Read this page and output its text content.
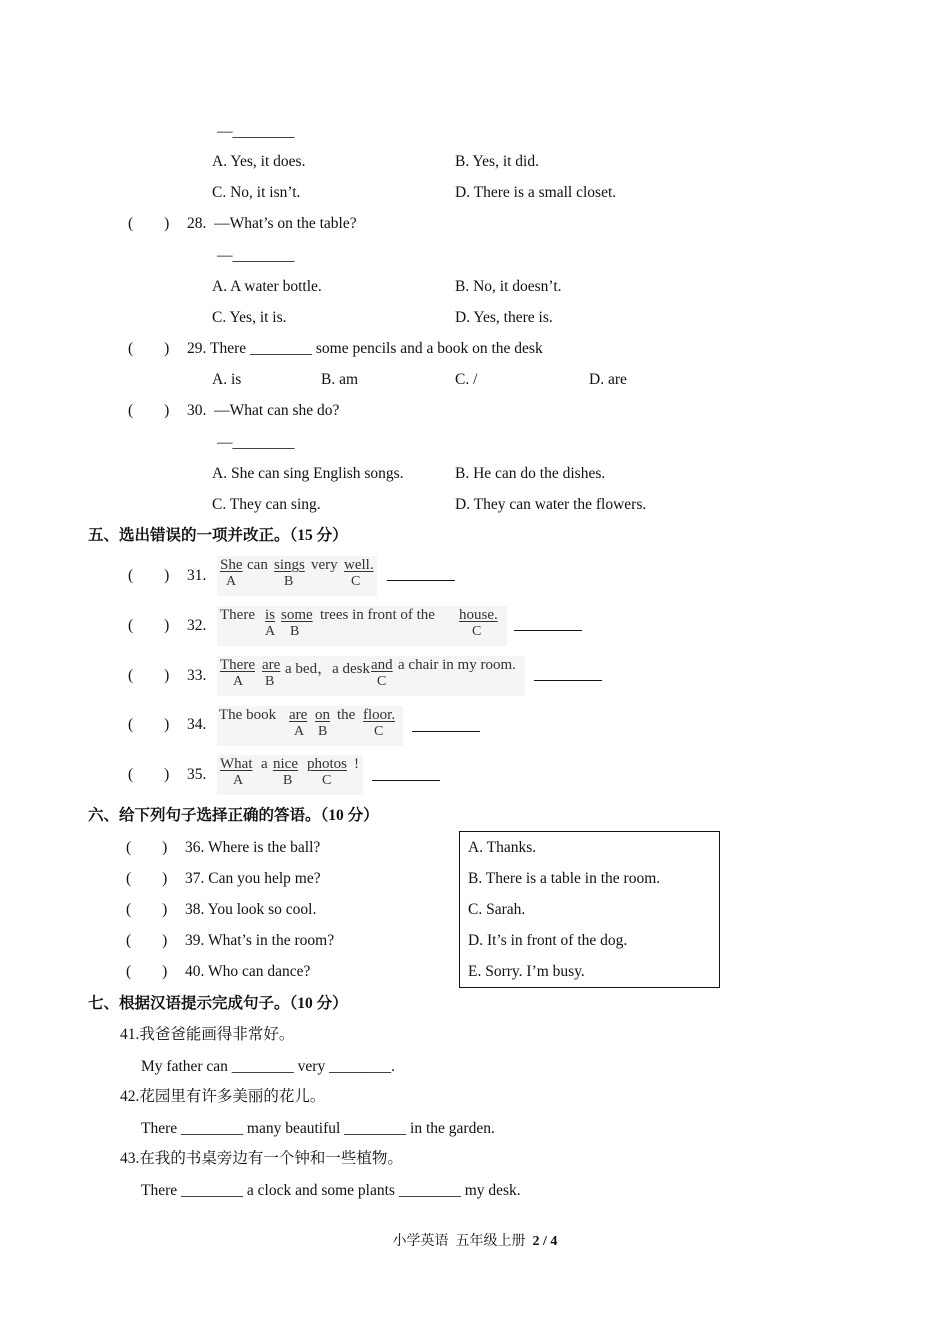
—________
A. Yes, it does.	B. Yes, it did.
C. No, it isn’t.	D. There is a small closet.
(        ) 28.  —What’s on the table?
—________
A. A water bottle.	B. No, it doesn’t.
C. Yes, it is.	D. Yes, there is.
(        ) 29. There ________ some pencils and a book on the desk
A. is	B. am	C. /	D. are
(        ) 30.  —What can she do?
—________
A. She can sing English songs.	B. He can do the dishes.
C. They can sing.	D. They can water the flowers.
五、选出错误的一项并改正。（15 分）
(        ) 31.
She can sings very well.
A	B	C
(        ) 32.
There is some trees in front of the house.
A B	C
(        ) 33.
There are a bed，a desk and a chair in my room.
A B	C
(        ) 34.
The book are on the floor.
A B	C
(        ) 35.
What a nice photos !
A	B C
六、给下列句子选择正确的答语。（10 分）
(        ) 36. Where is the ball?
(        ) 37. Can you help me?
(        ) 38. You look so cool.
(        ) 39. What’s in the room?
(        ) 40. Who can dance?
A. Thanks.
B. There is a table in the room.
C. Sarah.
D. It’s in front of the dog.
E. Sorry. I’m busy.
七、根据汉语提示完成句子。（10 分）
41.我爸爸能画得非常好。
My father can ________ very ________.
42.花园里有许多美丽的花儿。
There ________ many beautiful ________ in the garden.
43.在我的书桌旁边有一个钟和一些植物。
There ________ a clock and some plants ________ my desk.
小学英语  五年级上册  2 / 4
